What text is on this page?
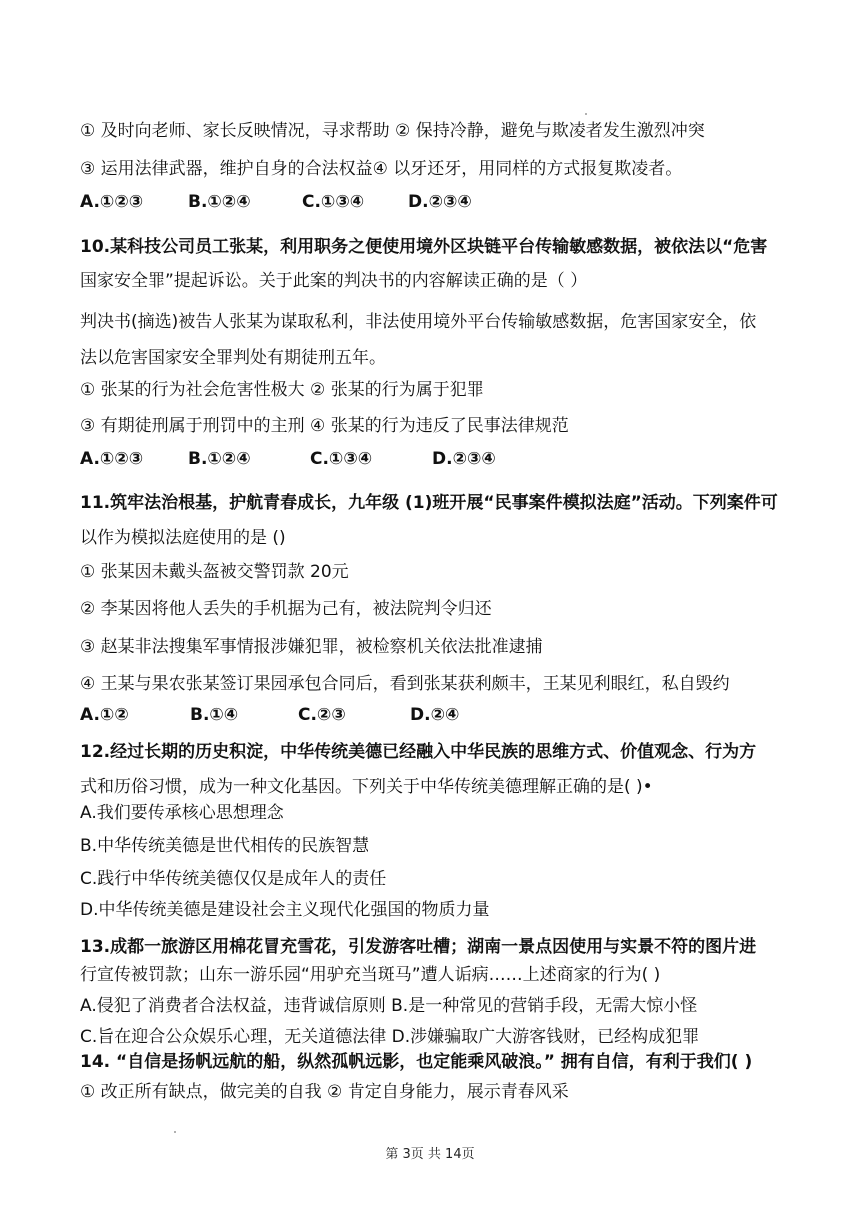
① 及时向老师、家长反映情况，寻求帮助 ② 保持冷静，避免与欺凌者发生激烈冲突
③ 运用法律武器，维护自身的合法权益④ 以牙还牙，用同样的方式报复欺凌者。
A.①②③	B.①②④	C.①③④	D.②③④
10.某科技公司员工张某，利用职务之便使用境外区块链平台传输敏感数据，被依法以“危害
国家安全罪”提起诉讼。关于此案的判决书的内容解读正确的是（ ）
判决书(摘选)被告人张某为谋取私利，非法使用境外平台传输敏感数据，危害国家安全，依
法以危害国家安全罪判处有期徒刑五年。
① 张某的行为社会危害性极大 ② 张某的行为属于犯罪
③ 有期徒刑属于刑罚中的主刑 ④ 张某的行为违反了民事法律规范
A.①②③	B.①②④	C.①③④	D.②③④
11.筑牢法治根基，护航青春成长，九年级 (1)班开展“民事案件模拟法庭”活动。下列案件可
以作为模拟法庭使用的是 ()
① 张某因未戴头盔被交警罚款 20元
② 李某因将他人丢失的手机据为己有，被法院判令归还
③ 赵某非法搜集军事情报涉嫌犯罪，被检察机关依法批准逮捕
④ 王某与果农张某签订果园承包合同后，看到张某获利颇丰，王某见利眼红，私自毁约
A.①②	B.①④	C.②③	D.②④
12.经过长期的历史积淀，中华传统美德已经融入中华民族的思维方式、价值观念、行为方
式和历俗习惯，成为一种文化基因。下列关于中华传统美德理解正确的是( )•
A.我们要传承核心思想理念
B.中华传统美德是世代相传的民族智慧
C.践行中华传统美德仅仅是成年人的责任
D.中华传统美德是建设社会主义现代化强国的物质力量
13.成都一旅游区用棉花冒充雪花，引发游客吐槽；湖南一景点因使用与实景不符的图片进
行宣传被罚款；山东一游乐园“用驴充当斑马”遭人诟病……上述商家的行为( )
A.侵犯了消费者合法权益，违背诚信原则 B.是一种常见的营销手段，无需大惊小怪
C.旨在迎合公众娱乐心理，无关道德法律 D.涉嫌骗取广大游客钱财，已经构成犯罪
14. “自信是扬帆远航的船，纵然孤帆远影，也定能乘风破浪。” 拥有自信，有利于我们( )
① 改正所有缺点，做完美的自我 ② 肯定自身能力，展示青春风采
第 3页 共 14页
